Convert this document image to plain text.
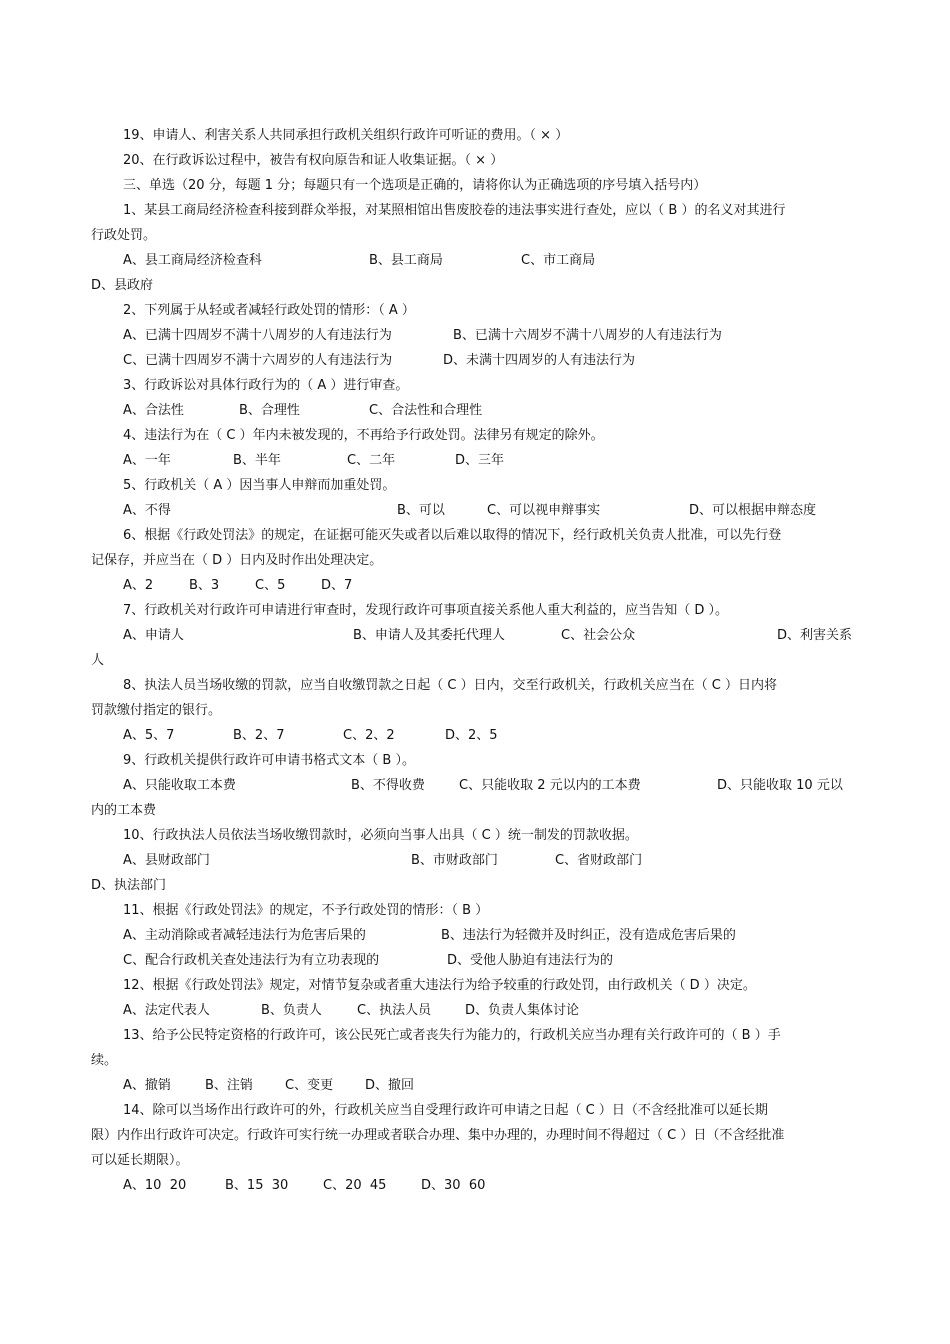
19、申请人、利害关系人共同承担行政机关组织行政许可听证的费用。（ × ）
20、在行政诉讼过程中，被告有权向原告和证人收集证据。（ × ）
三、单选（20 分，每题 1 分；每题只有一个选项是正确的，请将你认为正确选项的序号填入括号内）
1、某县工商局经济检查科接到群众举报，对某照相馆出售废胶卷的违法事实进行查处，应以（ B ）的名义对其进行
行政处罚。
A、县工商局经济检查科	B、县工商局	C、市工商局
D、县政府
2、下列属于从轻或者减轻行政处罚的情形：（ A ）
A、已满十四周岁不满十八周岁的人有违法行为	B、已满十六周岁不满十八周岁的人有违法行为
C、已满十四周岁不满十六周岁的人有违法行为	D、未满十四周岁的人有违法行为
3、行政诉讼对具体行政行为的（ A ）进行审查。
A、合法性	B、合理性	C、合法性和合理性
4、违法行为在（ C ）年内未被发现的，不再给予行政处罚。法律另有规定的除外。
A、一年	B、半年	C、二年	D、三年
5、行政机关（ A ）因当事人申辩而加重处罚。
A、不得	B、可以	C、可以视申辩事实	D、可以根据申辩态度
6、根据《行政处罚法》的规定，在证据可能灭失或者以后难以取得的情况下，经行政机关负责人批准，可以先行登
记保存，并应当在（ D ）日内及时作出处理决定。
A、2	B、3	C、5	D、7
7、行政机关对行政许可申请进行审查时，发现行政许可事项直接关系他人重大利益的，应当告知（ D ）。
A、申请人	B、申请人及其委托代理人	C、社会公众	D、利害关系
人
8、执法人员当场收缴的罚款，应当自收缴罚款之日起（ C ）日内，交至行政机关，行政机关应当在（ C ）日内将
罚款缴付指定的银行。
A、5、7	B、2、7	C、2、2	D、2、5
9、行政机关提供行政许可申请书格式文本（ B ）。
A、只能收取工本费	B、不得收费	C、只能收取 2 元以内的工本费	D、只能收取 10 元以
内的工本费
10、行政执法人员依法当场收缴罚款时，必须向当事人出具（ C ）统一制发的罚款收据。
A、县财政部门	B、市财政部门	C、省财政部门
D、执法部门
11、根据《行政处罚法》的规定，不予行政处罚的情形：（ B ）
A、主动消除或者减轻违法行为危害后果的	B、违法行为轻微并及时纠正，没有造成危害后果的
C、配合行政机关查处违法行为有立功表现的	D、受他人胁迫有违法行为的
12、根据《行政处罚法》规定，对情节复杂或者重大违法行为给予较重的行政处罚，由行政机关（ D ）决定。
A、法定代表人	B、负责人	C、执法人员	D、负责人集体讨论
13、给予公民特定资格的行政许可，该公民死亡或者丧失行为能力的，行政机关应当办理有关行政许可的（ B ）手
续。
A、撤销	B、注销 C、变更 D、撤回
14、除可以当场作出行政许可的外，行政机关应当自受理行政许可申请之日起（ C ）日（不含经批准可以延长期
限）内作出行政许可决定。行政许可实行统一办理或者联合办理、集中办理的，办理时间不得超过（ C ）日（不含经批准
可以延长期限）。
A、10  20	B、15  30	C、20  45	D、30  60
